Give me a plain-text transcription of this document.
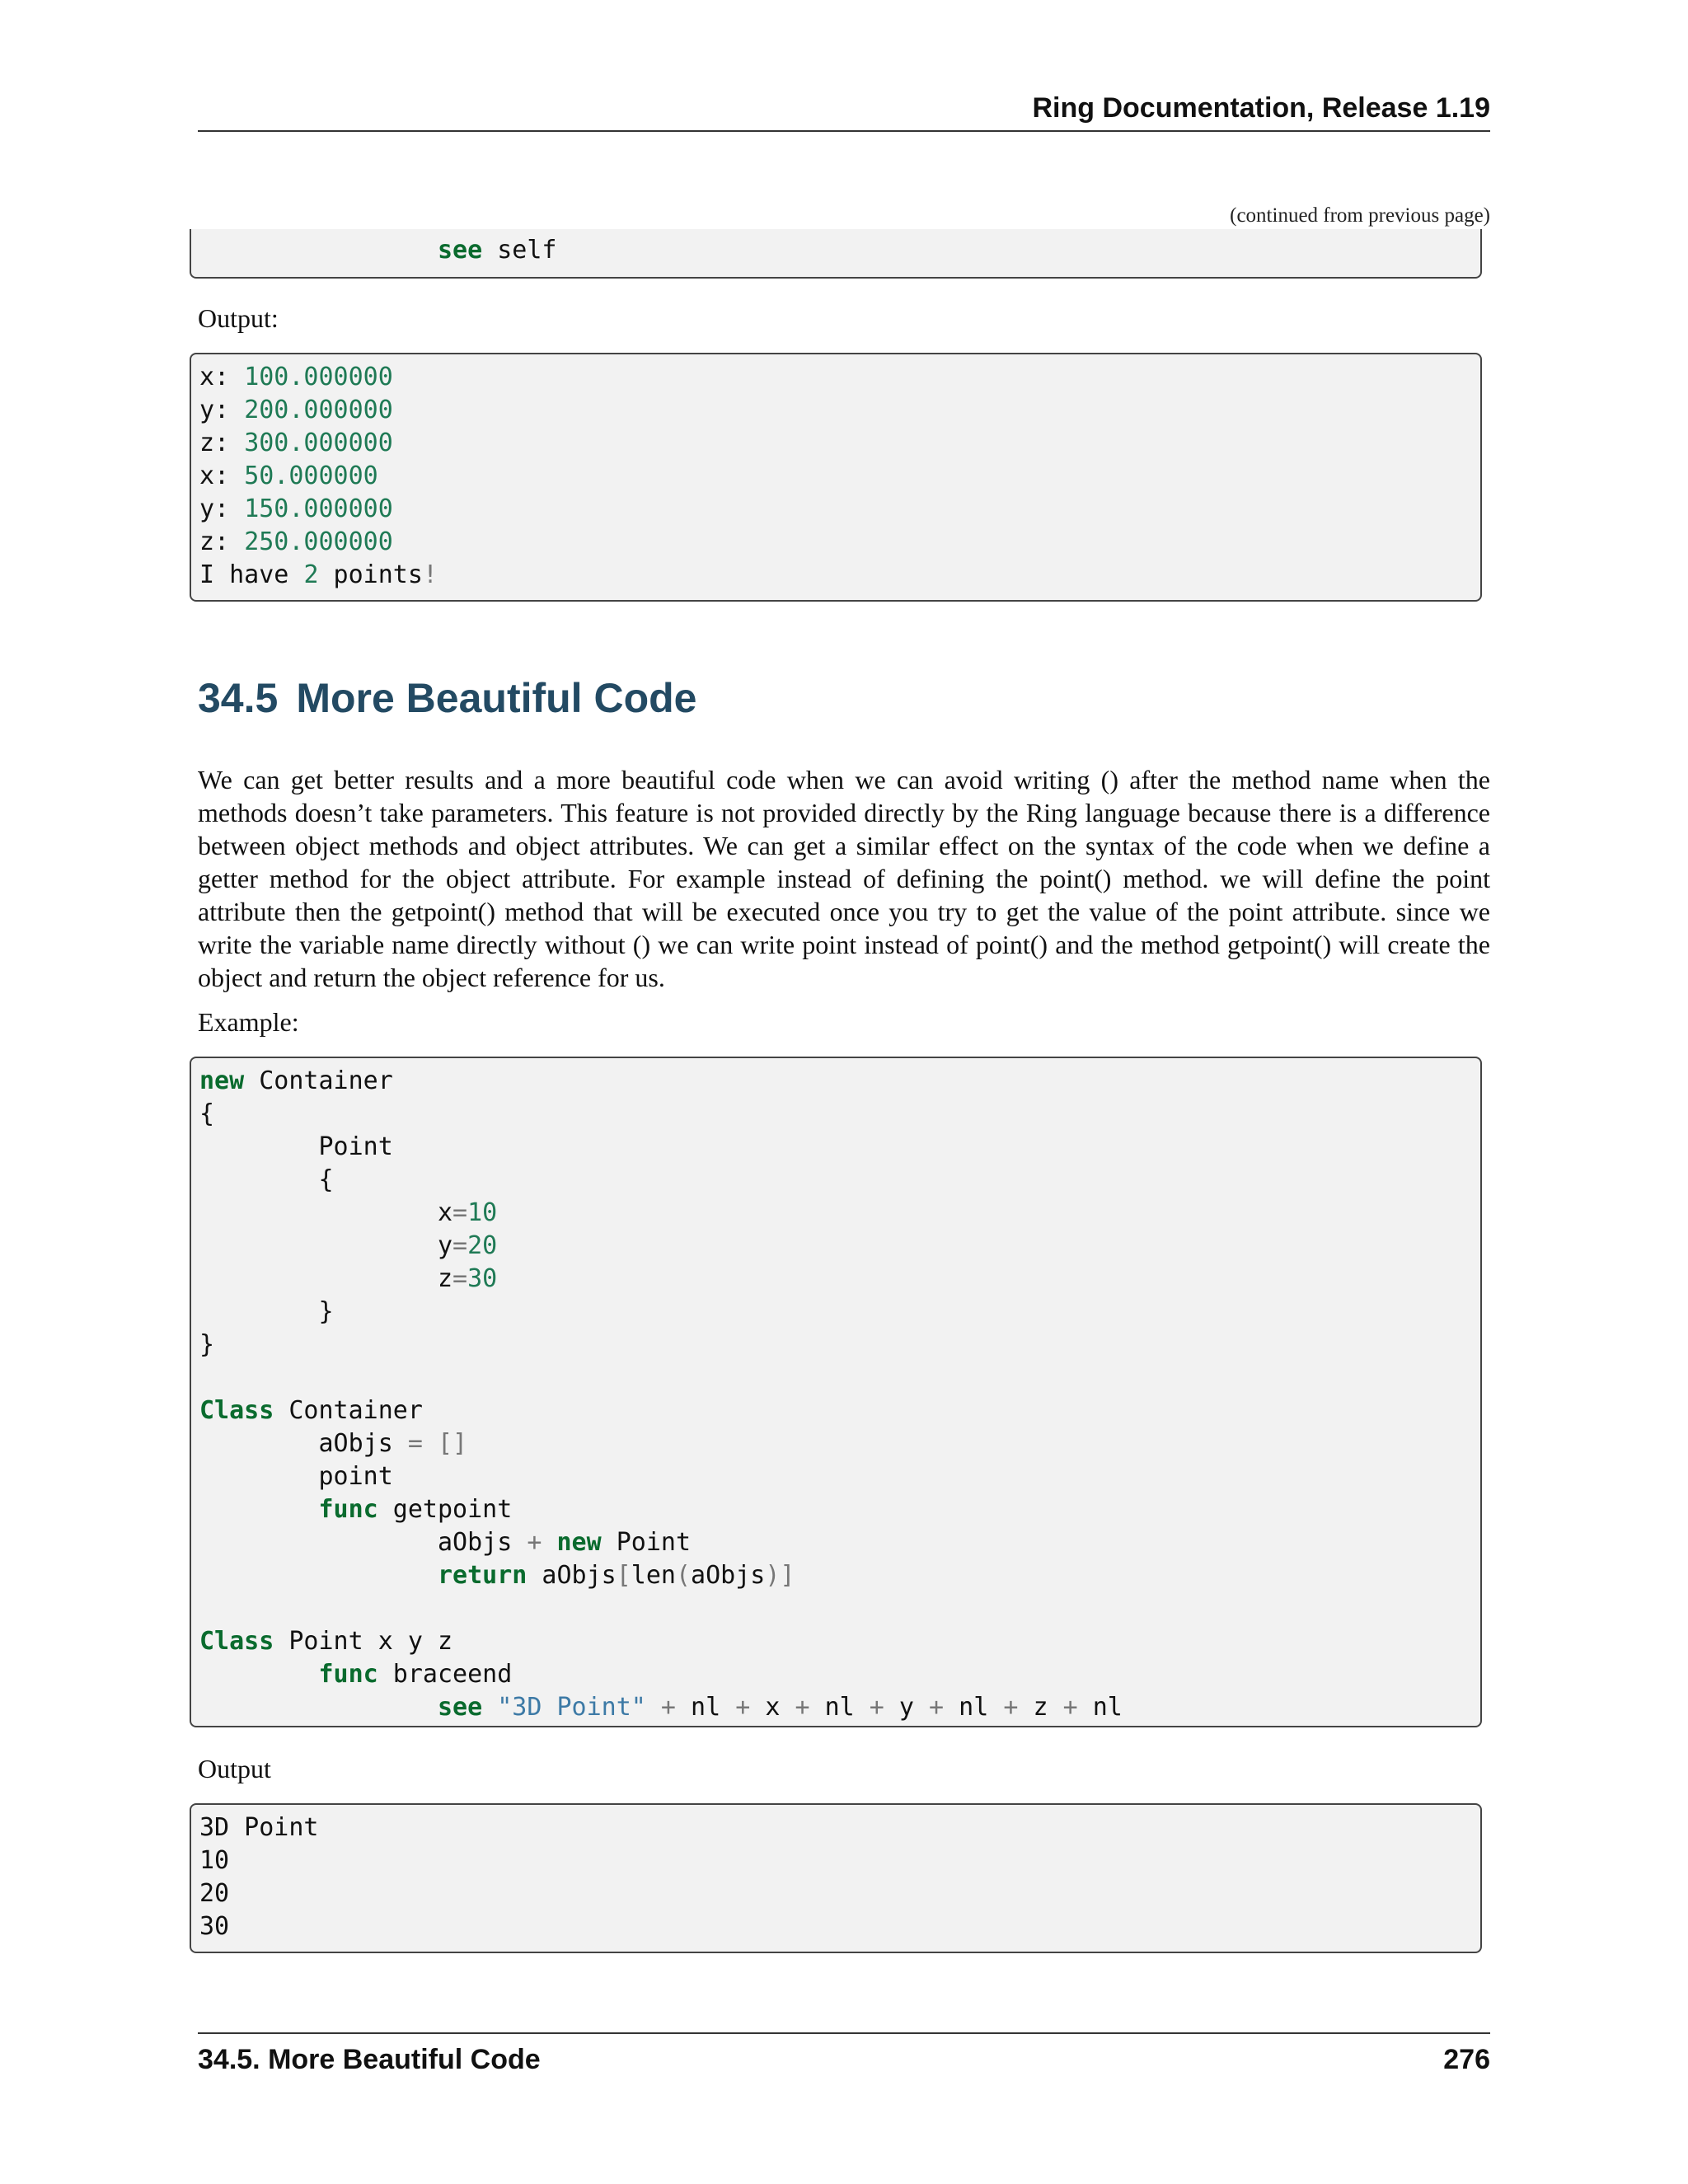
Ring Documentation, Release 1.19
(continued from previous page)
see self
Output:
x: 100.000000
y: 200.000000
z: 300.000000
x: 50.000000
y: 150.000000
z: 250.000000
I have 2 points!
34.5 More Beautiful Code
We can get better results and a more beautiful code when we can avoid writing () after the method name when the methods doesn’t take parameters. This feature is not provided directly by the Ring language because there is a difference between object methods and object attributes. We can get a similar effect on the syntax of the code when we define a getter method for the object attribute. For example instead of defining the point() method. we will define the point attribute then the getpoint() method that will be executed once you try to get the value of the point attribute. since we write the variable name directly without () we can write point instead of point() and the method getpoint() will create the object and return the object reference for us.
Example:
new Container
{
Point
{
x=10
y=20
z=30
}
}

Class Container
aObjs = []
point
func getpoint
aObjs + new Point
return aObjs[len(aObjs)]

Class Point x y z
func braceend
see "3D Point" + nl + x + nl + y + nl + z + nl
Output
3D Point
10
20
30
34.5. More Beautiful Code	276
